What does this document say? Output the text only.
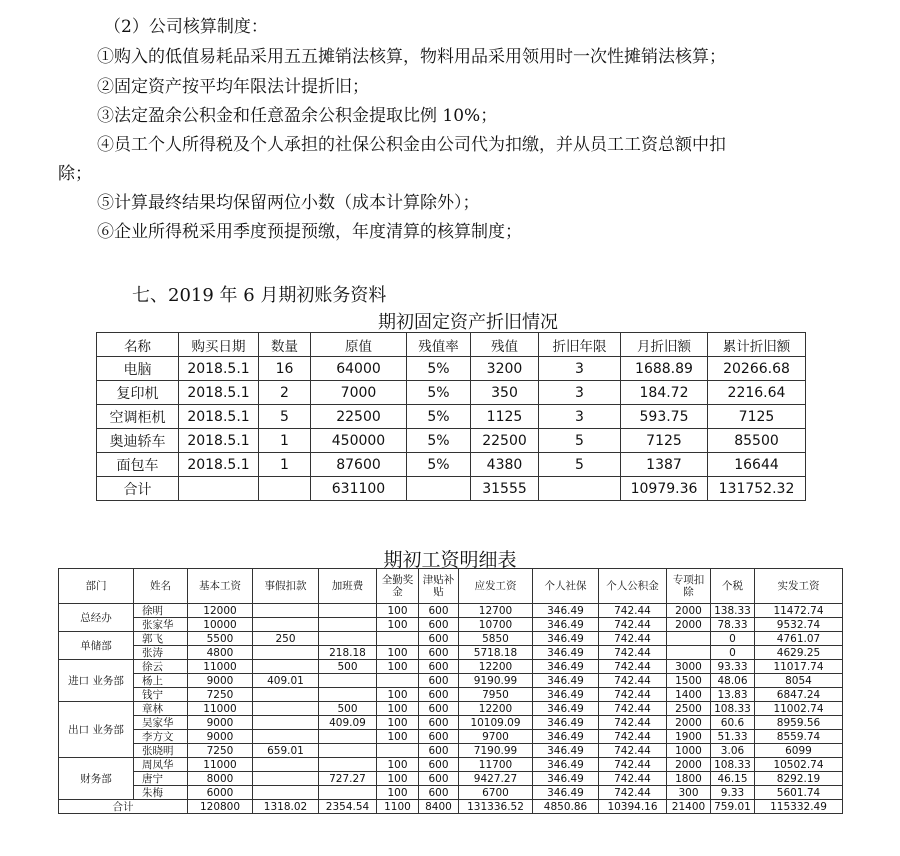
（2）公司核算制度：
①购入的低值易耗品采用五五摊销法核算，物料用品采用领用时一次性摊销法核算；
②固定资产按平均年限法计提折旧；
③法定盈余公积金和任意盈余公积金提取比例 10%；
④员工个人所得税及个人承担的社保公积金由公司代为扣缴，并从员工工资总额中扣
除；
⑤计算最终结果均保留两位小数（成本计算除外）；
⑥企业所得税采用季度预提预缴，年度清算的核算制度；
七、2019 年 6 月期初账务资料
期初固定资产折旧情况
名称	购买日期	数量	原值	残值率	残值	折旧年限	月折旧额	累计折旧额
电脑	2018.5.1	16	64000	5%	3200	3	1688.89	20266.68
复印机	2018.5.1	2	7000	5%	350	3	184.72	2216.64
空调柜机	2018.5.1	5	22500	5%	1125	3	593.75	7125
奥迪轿车	2018.5.1	1	450000	5%	22500	5	7125	85500
面包车	2018.5.1	1	87600	5%	4380	5	1387	16644
合计			631100		31555		10979.36	131752.32
期初工资明细表
部门	姓名	基本工资	事假扣款	加班费	全勤奖金	津贴补贴	应发工资	个人社保	个人公积金	专项扣除	个税	实发工资
总经办	徐明	12000			100	600	12700	346.49	742.44	2000	138.33	11472.74
	张家华	10000			100	600	10700	346.49	742.44	2000	78.33	9532.74
单储部	郭飞	5500	250			600	5850	346.49	742.44		0	4761.07
	张涛	4800		218.18	100	600	5718.18	346.49	742.44		0	4629.25
进口 业务部	徐云	11000		500	100	600	12200	346.49	742.44	3000	93.33	11017.74
	杨上	9000	409.01			600	9190.99	346.49	742.44	1500	48.06	8054
	钱宁	7250			100	600	7950	346.49	742.44	1400	13.83	6847.24
出口 业务部	章林	11000		500	100	600	12200	346.49	742.44	2500	108.33	11002.74
	吴家华	9000		409.09	100	600	10109.09	346.49	742.44	2000	60.6	8959.56
	李方文	9000			100	600	9700	346.49	742.44	1900	51.33	8559.74
	张晓明	7250	659.01			600	7190.99	346.49	742.44	1000	3.06	6099
财务部	周凤华	11000			100	600	11700	346.49	742.44	2000	108.33	10502.74
	唐宁	8000		727.27	100	600	9427.27	346.49	742.44	1800	46.15	8292.19
	朱梅	6000			100	600	6700	346.49	742.44	300	9.33	5601.74
合计		120800	1318.02	2354.54	1100	8400	131336.52	4850.86	10394.16	21400	759.01	115332.49
